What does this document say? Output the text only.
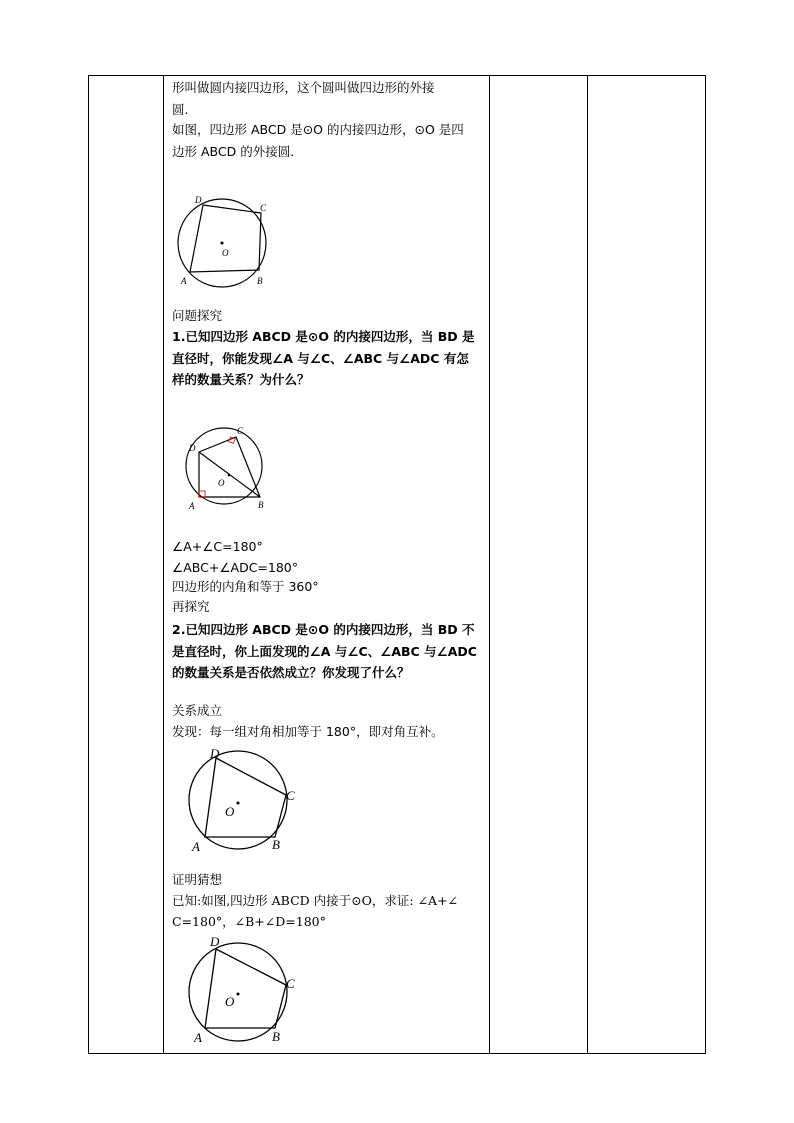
形叫做圆内接四边形，这个圆叫做四边形的外接
圆.
如图，四边形 ABCD 是⊙O 的内接四边形，⊙O 是四
边形 ABCD 的外接圆.
D
C
O
A	B
问题探究
1.已知四边形 ABCD 是⊙O 的内接四边形，当 BD 是
直径时，你能发现∠A 与∠C、∠ABC 与∠ADC 有怎
样的数量关系？为什么？
D
C
O
A	B
∠A+∠C=180°
∠ABC+∠ADC=180°
四边形的内角和等于 360°
再探究
2.已知四边形 ABCD 是⊙O 的内接四边形，当 BD 不
是直径时，你上面发现的∠A 与∠C、∠ABC 与∠ADC
的数量关系是否依然成立？你发现了什么？
关系成立
发现：每一组对角相加等于 180°，即对角互补。
D
C
O
A	B
证明猜想
已知:如图,四边形 ABCD 内接于⊙O，求证: ∠A+∠
C=180°，∠B+∠D=180°
D
C
O
A	B
